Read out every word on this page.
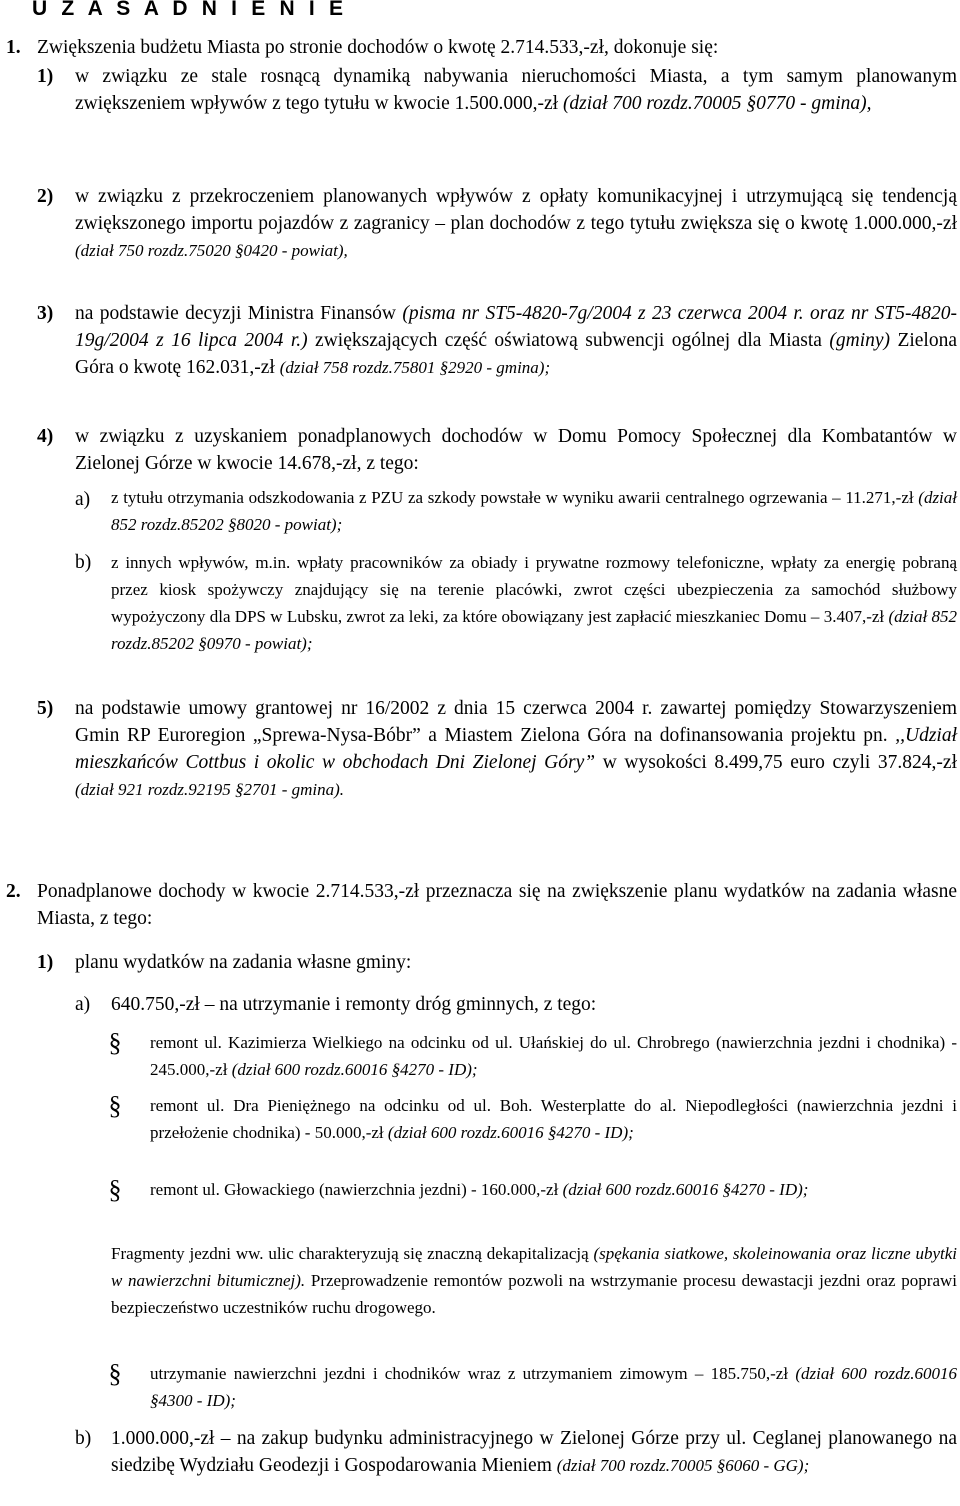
U Z A S A D N I E N I E
1. Zwiększenia budżetu Miasta po stronie dochodów o kwotę 2.714.533,-zł, dokonuje się:

1) w związku ze stale rosnącą dynamiką nabywania nieruchomości Miasta, a tym samym planowanym zwiększeniem wpływów z tego tytułu w kwocie 1.500.000,-zł (dział 700 rozdz.70005 §0770 - gmina),

2) w związku z przekroczeniem planowanych wpływów z opłaty komunikacyjnej i utrzymującą się tendencją zwiększonego importu pojazdów z zagranicy – plan dochodów z tego tytułu zwiększa się o kwotę 1.000.000,-zł (dział 750 rozdz.75020 §0420 - powiat),

3) na podstawie decyzji Ministra Finansów (pisma nr ST5-4820-7g/2004 z 23 czerwca 2004 r. oraz nr ST5-4820-19g/2004 z 16 lipca 2004 r.) zwiększających część oświatową subwencji ogólnej dla Miasta (gminy) Zielona Góra o kwotę 162.031,-zł (dział 758 rozdz.75801 §2920 - gmina);

4) w związku z uzyskaniem ponadplanowych dochodów w Domu Pomocy Społecznej dla Kombatantów w Zielonej Górze w kwocie 14.678,-zł, z tego:

a) z tytułu otrzymania odszkodowania z PZU za szkody powstałe w wyniku awarii centralnego ogrzewania – 11.271,-zł (dział 852 rozdz.85202 §8020 - powiat);

b) z innych wpływów, m.in. wpłaty pracowników za obiady i prywatne rozmowy telefoniczne, wpłaty za energię pobraną przez kiosk spożywczy znajdujący się na terenie placówki, zwrot części ubezpieczenia za samochód służbowy wypożyczony dla DPS w Lubsku, zwrot za leki, za które obowiązany jest zapłacić mieszkaniec Domu – 3.407,-zł (dział 852 rozdz.85202 §0970 - powiat);

5) na podstawie umowy grantowej nr 16/2002 z dnia 15 czerwca 2004 r. zawartej pomiędzy Stowarzyszeniem Gmin RP Euroregion „Sprewa-Nysa-Bóbr” a Miastem Zielona Góra na dofinansowania projektu pn. ,,Udział mieszkańców Cottbus i okolic w obchodach Dni Zielonej Góry” w wysokości 8.499,75 euro czyli 37.824,-zł (dział 921 rozdz.92195 §2701 - gmina).

2. Ponadplanowe dochody w kwocie 2.714.533,-zł przeznacza się na zwiększenie planu wydatków na zadania własne Miasta, z tego:

1) planu wydatków na zadania własne gminy:

a) 640.750,-zł – na utrzymanie i remonty dróg gminnych, z tego:

§ remont ul. Kazimierza Wielkiego na odcinku od ul. Ułańskiej do ul. Chrobrego (nawierzchnia jezdni i chodnika) - 245.000,-zł (dział 600 rozdz.60016 §4270 - ID);

§ remont ul. Dra Pieniężnego na odcinku od ul. Boh. Westerplatte do al. Niepodległości (nawierzchnia jezdni i przełożenie chodnika) - 50.000,-zł (dział 600 rozdz.60016 §4270 - ID);

§ remont ul. Głowackiego (nawierzchnia jezdni) - 160.000,-zł (dział 600 rozdz.60016 §4270 - ID);

Fragmenty jezdni ww. ulic charakteryzują się znaczną dekapitalizacją (spękania siatkowe, skoleinowania oraz liczne ubytki w nawierzchni bitumicznej). Przeprowadzenie remontów pozwoli na wstrzymanie procesu dewastacji jezdni oraz poprawi bezpieczeństwo uczestników ruchu drogowego.

§ utrzymanie nawierzchni jezdni i chodników wraz z utrzymaniem zimowym – 185.750,-zł (dział 600 rozdz.60016 §4300 - ID);

b) 1.000.000,-zł – na zakup budynku administracyjnego w Zielonej Górze przy ul. Ceglanej planowanego na siedzibę Wydziału Geodezji i Gospodarowania Mieniem (dział 700 rozdz.70005 §6060 - GG);
